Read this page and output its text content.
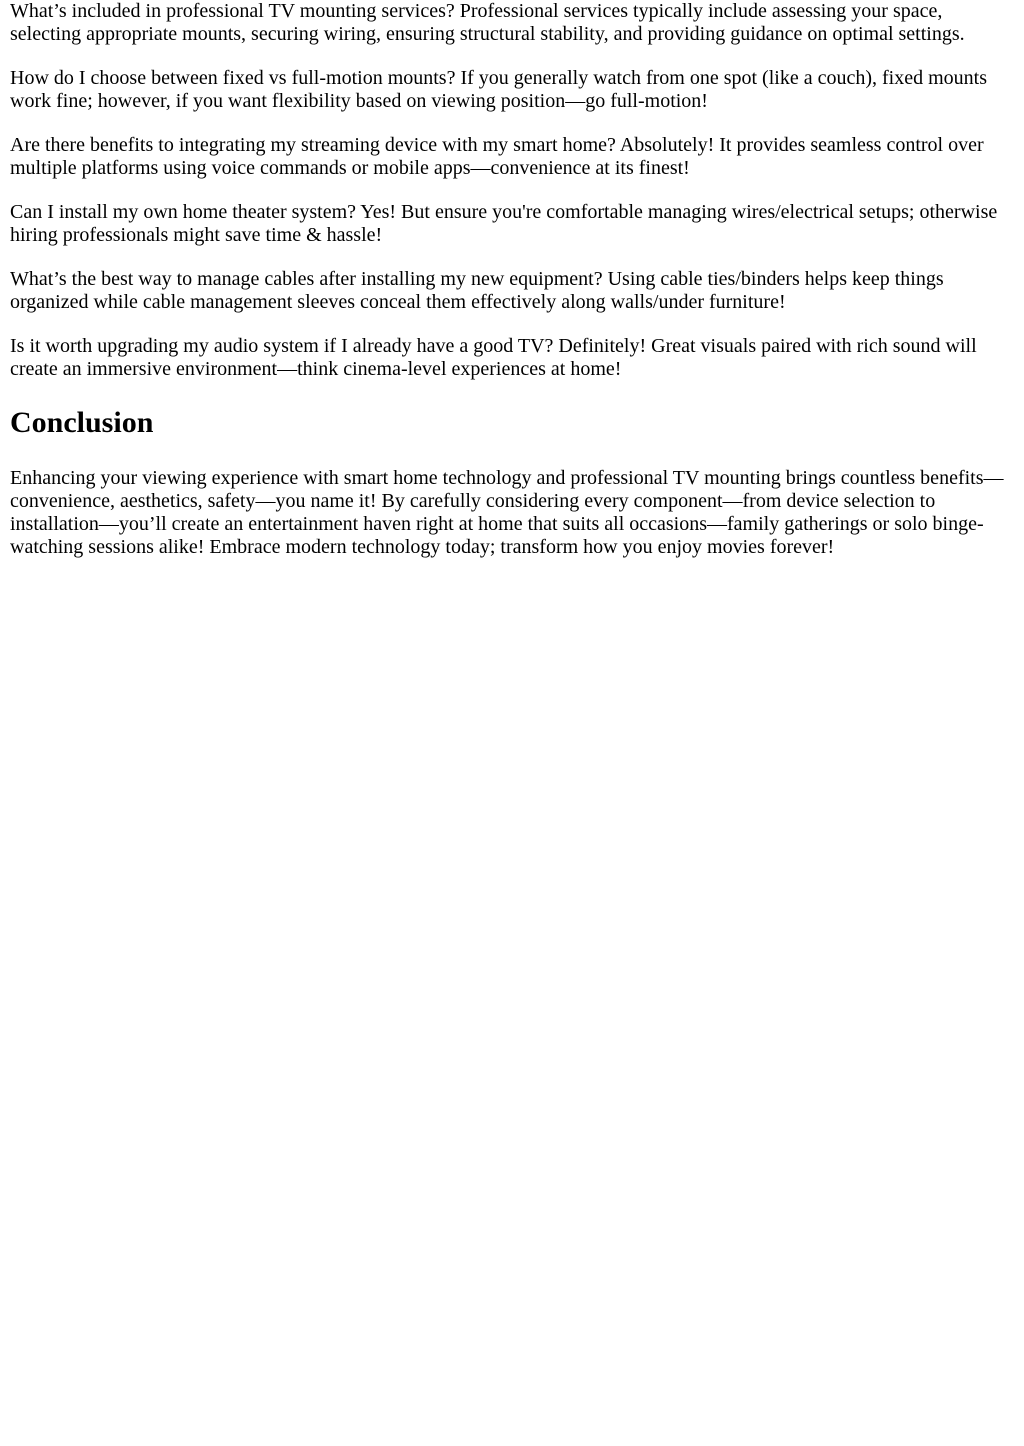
What’s included in professional TV mounting services? Professional services typically include assessing your space, selecting appropriate mounts, securing wiring, ensuring structural stability, and providing guidance on optimal settings.

How do I choose between fixed vs full-motion mounts? If you generally watch from one spot (like a couch), fixed mounts work fine; however, if you want flexibility based on viewing position—go full-motion!

Are there benefits to integrating my streaming device with my smart home? Absolutely! It provides seamless control over multiple platforms using voice commands or mobile apps—convenience at its finest!

Can I install my own home theater system? Yes! But ensure you're comfortable managing wires/electrical setups; otherwise hiring professionals might save time & hassle!

What’s the best way to manage cables after installing my new equipment? Using cable ties/binders helps keep things organized while cable management sleeves conceal them effectively along walls/under furniture!

Is it worth upgrading my audio system if I already have a good TV? Definitely! Great visuals paired with rich sound will create an immersive environment—think cinema-level experiences at home!

Conclusion

Enhancing your viewing experience with smart home technology and professional TV mounting brings countless benefits—convenience, aesthetics, safety—you name it! By carefully considering every component—from device selection to installation—you’ll create an entertainment haven right at home that suits all occasions—family gatherings or solo binge-watching sessions alike! Embrace modern technology today; transform how you enjoy movies forever!
